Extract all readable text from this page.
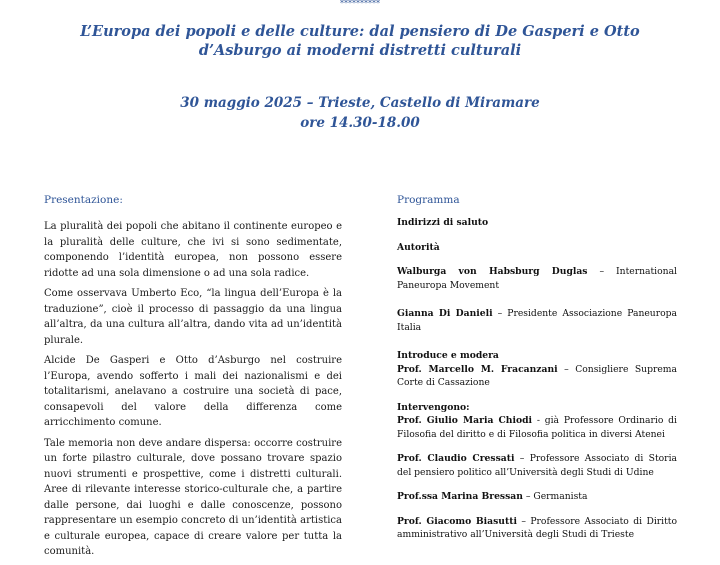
**********
L’Europa dei popoli e delle culture: dal pensiero di De Gasperi e Otto d’Asburgo ai moderni distretti culturali
30 maggio 2025 – Trieste, Castello di Miramare
ore 14.30-18.00
Presentazione:

La pluralità dei popoli che abitano il continente europeo e la pluralità delle culture, che ivi si sono sedimentate, componendo l’identità europea, non possono essere ridotte ad una sola dimensione o ad una sola radice.

Come osservava Umberto Eco, “la lingua dell’Europa è la traduzione”, cioè il processo di passaggio da una lingua all’altra, da una cultura all’altra, dando vita ad un’identità plurale.

Alcide De Gasperi e Otto d’Asburgo nel costruire l’Europa, avendo sofferto i mali dei nazionalismi e dei totalitarismi, anelavano a costruire una società di pace, consapevoli del valore della differenza come arricchimento comune.

Tale memoria non deve andare dispersa: occorre costruire un forte pilastro culturale, dove possano trovare spazio nuovi strumenti e prospettive, come i distretti culturali. Aree di rilevante interesse storico-culturale che, a partire dalle persone, dai luoghi e dalle conoscenze, possono rappresentare un esempio concreto di un’identità artistica e culturale europea, capace di creare valore per tutta la comunità.

Programma
Indirizzi di saluto
Autorità
Walburga von Habsburg Duglas – International Paneuropa Movement
Gianna Di Danieli – Presidente Associazione Paneuropa Italia
Introduce e modera
Prof. Marcello M. Fracanzani – Consigliere Suprema Corte di Cassazione
Intervengono:
Prof. Giulio Maria Chiodi - già Professore Ordinario di Filosofia del diritto e di Filosofia politica in diversi Atenei
Prof. Claudio Cressati – Professore Associato di Storia del pensiero politico all’Università degli Studi di Udine
Prof.ssa Marina Bressan – Germanista
Prof. Giacomo Biasutti – Professore Associato di Diritto amministrativo all’Università degli Studi di Trieste
